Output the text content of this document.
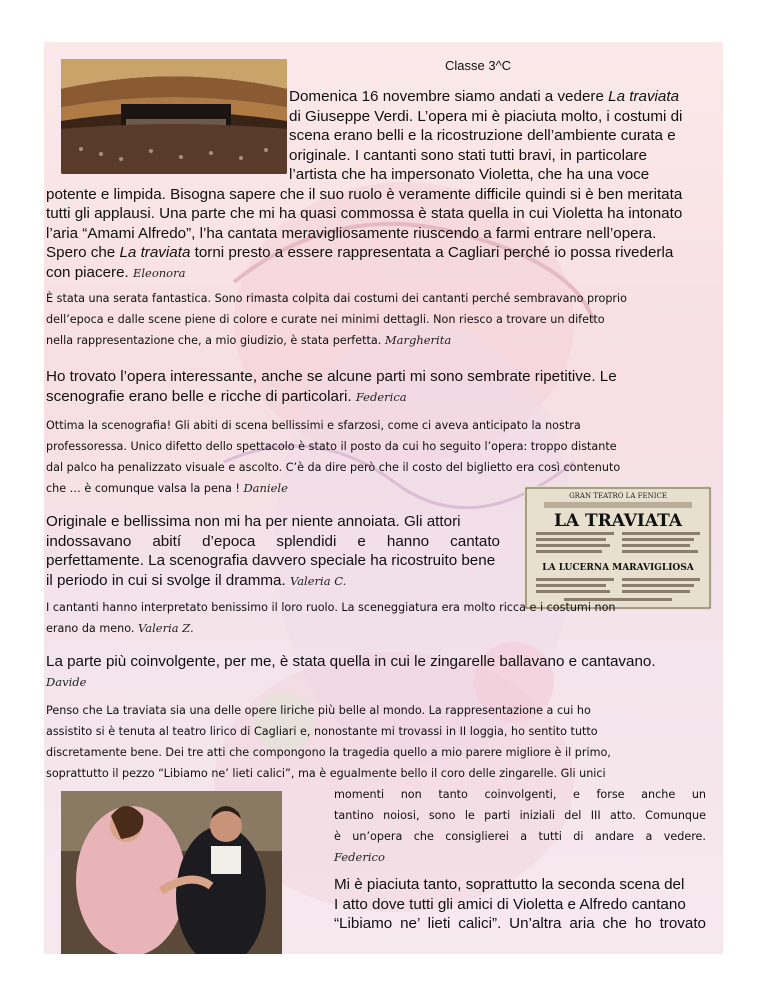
Classe 3^C

Domenica 16 novembre siamo andati a vedere La traviata

di Giuseppe Verdi. L’opera mi è piaciuta molto, i costumi di

scena erano belli e la ricostruzione dell’ambiente curata e

originale. I cantanti sono stati tutti bravi, in particolare

l’artista che ha impersonato Violetta, che ha una voce

potente e limpida. Bisogna sapere che il suo ruolo è veramente difficile quindi si è ben meritata

tutti gli applausi. Una parte che mi ha quasi commossa è stata quella in cui Violetta ha intonato

l’aria “Amami Alfredo”, l’ha cantata meravigliosamente riuscendo a farmi entrare nell’opera.

Spero che La traviata torni presto a essere rappresentata a Cagliari perché io possa rivederla

con piacere. Eleonora

È stata una serata fantastica. Sono rimasta colpita dai costumi dei cantanti perché sembravano proprio

dell’epoca e dalle scene piene di colore e curate nei minimi dettagli. Non riesco a trovare un difetto

nella rappresentazione che, a mio giudizio, è stata perfetta. Margherita

Ho trovato l’opera interessante, anche se alcune parti mi sono sembrate ripetitive. Le

scenografie erano belle e ricche di particolari. Federica

Ottima la scenografia! Gli abiti di scena bellissimi e sfarzosi, come ci aveva anticipato la nostra

professoressa. Unico difetto dello spettacolo è stato il posto da cui ho seguito l’opera: troppo distante

dal palco ha penalizzato visuale e ascolto. C’è da dire però che il costo del biglietto era così contenuto

che … è comunque valsa la pena ! Daniele

GRAN TEATRO LA FENICE
LA TRAVIATA
LA LUCERNA MARAVIGLIOSA

Originale e bellissima non mi ha per niente annoiata. Gli attori

indossavano abití d’epoca splendidi e hanno cantato

perfettamente. La scenografia davvero speciale ha ricostruito bene

il periodo in cui si svolge il dramma. Valeria C.

I cantanti hanno interpretato benissimo il loro ruolo. La sceneggiatura era molto ricca e i costumi non

erano da meno. Valeria Z.

La parte più coinvolgente, per me, è stata quella in cui le zingarelle ballavano e cantavano.

Davide

Penso che La traviata sia una delle opere liriche più belle al mondo. La rappresentazione a cui ho

assistito si è tenuta al teatro lirico di Cagliari e, nonostante mi trovassi in II loggia, ho sentito tutto

discretamente bene. Dei tre atti che compongono la tragedia quello a mio parere migliore è il primo,

soprattutto il pezzo “Libiamo ne’ lieti calici”, ma è egualmente bello il coro delle zingarelle. Gli unici

momenti non tanto coinvolgenti, e forse anche un

tantino noiosi, sono le parti iniziali del III atto. Comunque

è un’opera che consiglierei a tutti di andare a vedere.

Federico

Mi è piaciuta tanto, soprattutto la seconda scena del

I atto dove tutti gli amici di Violetta e Alfredo cantano

“Libiamo ne’ lieti calici”. Un’altra aria che ho trovato
